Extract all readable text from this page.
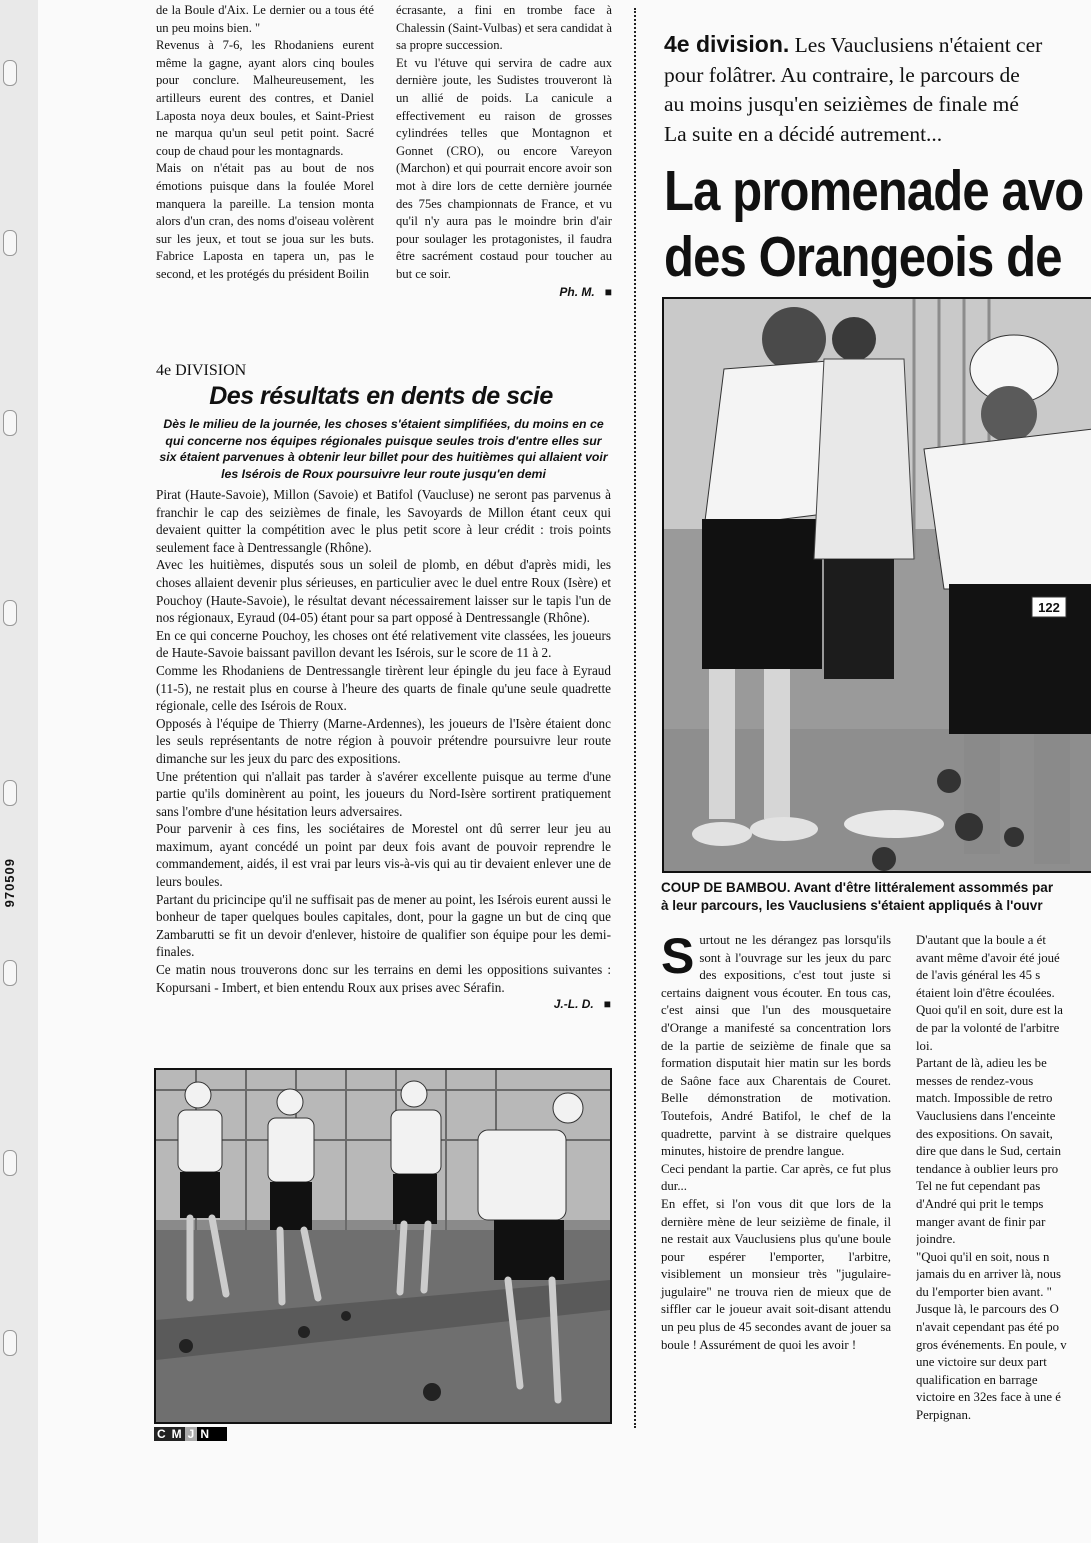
970509

de la Boule d'Aix. Le dernier ou a tous été un peu moins bien. "

Revenus à 7-6, les Rhodaniens eurent même la gagne, ayant alors cinq boules pour conclure. Malheureusement, les artilleurs eurent des contres, et Daniel Laposta noya deux boules, et Saint-Priest ne marqua qu'un seul petit point. Sacré coup de chaud pour les montagnards.

Mais on n'était pas au bout de nos émotions puisque dans la foulée Morel manquera la pareille. La tension monta alors d'un cran, des noms d'oiseau volèrent sur les jeux, et tout se joua sur les buts. Fabrice Laposta en tapera un, pas le second, et les protégés du président Boilin

écrasante, a fini en trombe face à Chalessin (Saint-Vulbas) et sera candidat à sa propre succession.

Et vu l'étuve qui servira de cadre aux dernière joute, les Sudistes trouveront là un allié de poids. La canicule a effectivement eu raison de grosses cylindrées telles que Montagnon et Gonnet (CRO), ou encore Vareyon (Marchon) et qui pourrait encore avoir son mot à dire lors de cette dernière journée des 75es championnats de France, et vu qu'il n'y aura pas le moindre brin d'air pour soulager les protagonistes, il faudra être sacrément costaud pour toucher au but ce soir.

Ph. M. ■
4e DIVISION
Des résultats en dents de scie
Dès le milieu de la journée, les choses s'étaient simplifiées, du moins en ce qui concerne nos équipes régionales puisque seules trois d'entre elles sur six étaient parvenues à obtenir leur billet pour des huitièmes qui allaient voir les Isérois de Roux poursuivre leur route jusqu'en demi

Pirat (Haute-Savoie), Millon (Savoie) et Batifol (Vaucluse) ne seront pas parvenus à franchir le cap des seizièmes de finale, les Savoyards de Millon étant ceux qui devaient quitter la compétition avec le plus petit score à leur crédit : trois points seulement face à Dentressangle (Rhône).

Avec les huitièmes, disputés sous un soleil de plomb, en début d'après midi, les choses allaient devenir plus sérieuses, en particulier avec le duel entre Roux (Isère) et Pouchoy (Haute-Savoie), le résultat devant nécessairement laisser sur le tapis l'un de nos régionaux, Eyraud (04-05) étant pour sa part opposé à Dentressangle (Rhône).

En ce qui concerne Pouchoy, les choses ont été relativement vite classées, les joueurs de Haute-Savoie baissant pavillon devant les Isérois, sur le score de 11 à 2.

Comme les Rhodaniens de Dentressangle tirèrent leur épingle du jeu face à Eyraud (11-5), ne restait plus en course à l'heure des quarts de finale qu'une seule quadrette régionale, celle des Isérois de Roux.

Opposés à l'équipe de Thierry (Marne-Ardennes), les joueurs de l'Isère étaient donc les seuls représentants de notre région à pouvoir prétendre poursuivre leur route dimanche sur les jeux du parc des expositions.

Une prétention qui n'allait pas tarder à s'avérer excellente puisque au terme d'une partie qu'ils dominèrent au point, les joueurs du Nord-Isère sortirent pratiquement sans l'ombre d'une hésitation leurs adversaires.

Pour parvenir à ces fins, les sociétaires de Morestel ont dû serrer leur jeu au maximum, ayant concédé un point par deux fois avant de pouvoir reprendre le commandement, aidés, il est vrai par leurs vis-à-vis qui au tir devaient enlever une de leurs boules.

Partant du pricincipe qu'il ne suffisait pas de mener au point, les Isérois eurent aussi le bonheur de taper quelques boules capitales, dont, pour la gagne un but de cinq que Zambarutti se fit un devoir d'enlever, histoire de qualifier son équipe pour les demi-finales.

Ce matin nous trouverons donc sur les terrains en demi les oppositions suivantes : Kopursani - Imbert, et bien entendu Roux aux prises avec Sérafin.

J.-L. D. ■
C M J N
4e division. Les Vauclusiens n'étaient cer
pour folâtrer. Au contraire, le parcours de
au moins jusqu'en seizièmes de finale mé
La suite en a décidé autrement...
La promenade avo
des Orangeois de
122
COUP DE BAMBOU. Avant d'être littéralement assommés par
à leur parcours, les Vauclusiens s'étaient appliqués à l'ouvr

Surtout ne les dérangez pas lorsqu'ils sont à l'ouvrage sur les jeux du parc des expositions, c'est tout juste si certains daignent vous écouter. En tous cas, c'est ainsi que l'un des mousquetaire d'Orange a manifesté sa concentration lors de la partie de seizième de finale que sa formation disputait hier matin sur les bords de Saône face aux Charentais de Couret. Belle démonstration de motivation. Toutefois, André Batifol, le chef de la quadrette, parvint à se distraire quelques minutes, histoire de prendre langue.

Ceci pendant la partie. Car après, ce fut plus dur...

En effet, si l'on vous dit que lors de la dernière mène de leur seizième de finale, il ne restait aux Vauclusiens plus qu'une boule pour espérer l'emporter, l'arbitre, visiblement un monsieur très "jugulaire-jugulaire" ne trouva rien de mieux que de siffler car le joueur avait soit-disant attendu un peu plus de 45 secondes avant de jouer sa boule ! Assurément de quoi les avoir !

D'autant que la boule a ét
avant même d'avoir été joué
de l'avis général les 45 s
étaient loin d'être écoulées.
Quoi qu'il en soit, dure est la
de par la volonté de l'arbitre
loi.
Partant de là, adieu les be
messes de rendez-vous
match. Impossible de retro
Vauclusiens dans l'enceinte
des expositions. On savait,
dire que dans le Sud, certain
tendance à oublier leurs pro
Tel ne fut cependant pas
d'André qui prit le temps
manger avant de finir par
joindre.
"Quoi qu'il en soit, nous n
jamais du en arriver là, nous
du l'emporter bien avant. "
Jusque là, le parcours des O
n'avait cependant pas été po
gros événements. En poule, v
une victoire sur deux part
qualification en barrage
victoire en 32es face à une é
Perpignan.
